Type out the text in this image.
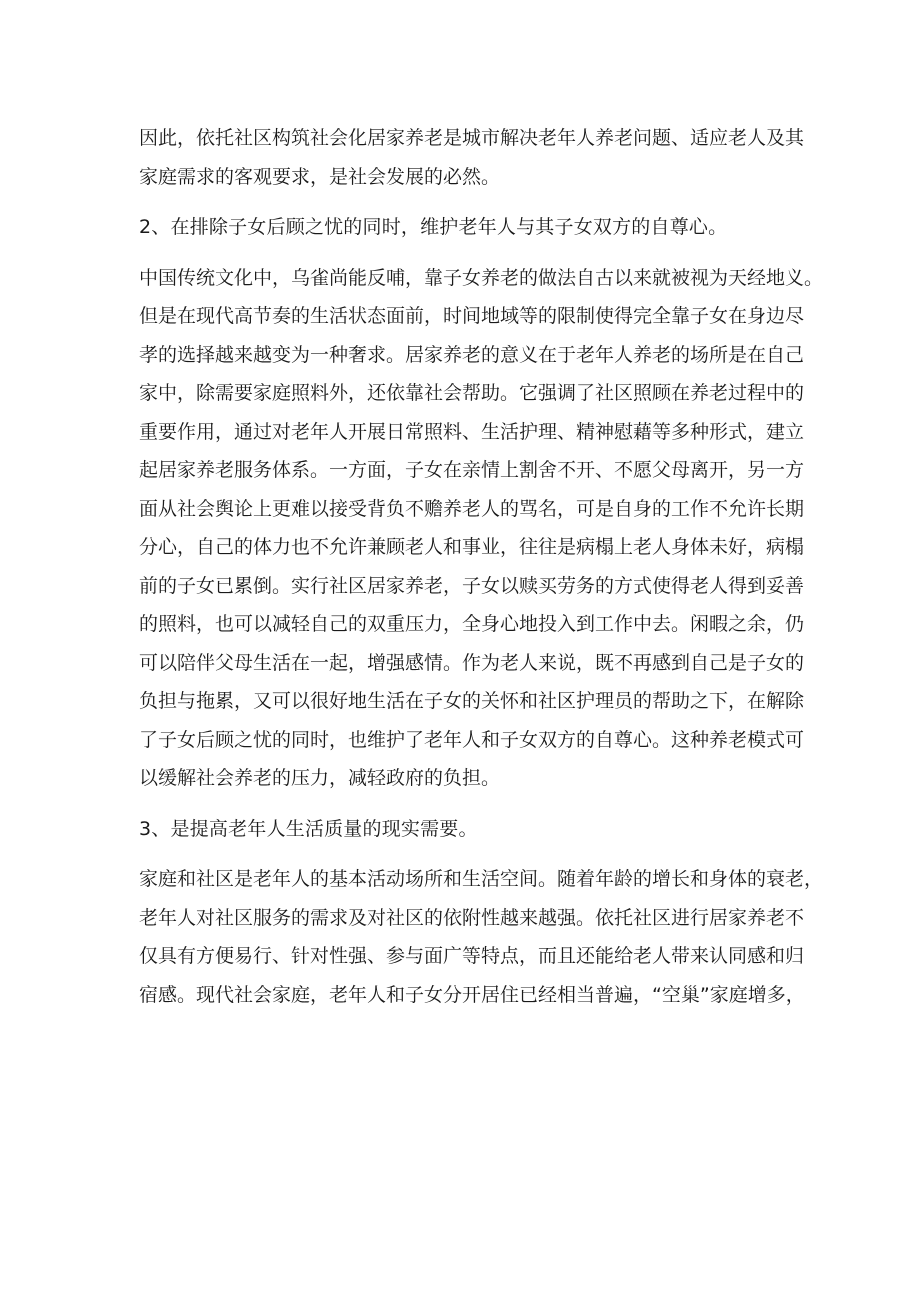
因此，依托社区构筑社会化居家养老是城市解决老年人养老问题、适应老人及其
家庭需求的客观要求，是社会发展的必然。
2、在排除子女后顾之忧的同时，维护老年人与其子女双方的自尊心。
中国传统文化中，乌雀尚能反哺，靠子女养老的做法自古以来就被视为天经地义。
但是在现代高节奏的生活状态面前，时间地域等的限制使得完全靠子女在身边尽
孝的选择越来越变为一种奢求。居家养老的意义在于老年人养老的场所是在自己
家中，除需要家庭照料外，还依靠社会帮助。它强调了社区照顾在养老过程中的
重要作用，通过对老年人开展日常照料、生活护理、精神慰藉等多种形式，建立
起居家养老服务体系。一方面，子女在亲情上割舍不开、不愿父母离开，另一方
面从社会舆论上更难以接受背负不赡养老人的骂名，可是自身的工作不允许长期
分心，自己的体力也不允许兼顾老人和事业，往往是病榻上老人身体未好，病榻
前的子女已累倒。实行社区居家养老，子女以赎买劳务的方式使得老人得到妥善
的照料，也可以减轻自己的双重压力，全身心地投入到工作中去。闲暇之余，仍
可以陪伴父母生活在一起，增强感情。作为老人来说，既不再感到自己是子女的
负担与拖累，又可以很好地生活在子女的关怀和社区护理员的帮助之下，在解除
了子女后顾之忧的同时，也维护了老年人和子女双方的自尊心。这种养老模式可
以缓解社会养老的压力，减轻政府的负担。
3、是提高老年人生活质量的现实需要。
家庭和社区是老年人的基本活动场所和生活空间。随着年龄的增长和身体的衰老，
老年人对社区服务的需求及对社区的依附性越来越强。依托社区进行居家养老不
仅具有方便易行、针对性强、参与面广等特点，而且还能给老人带来认同感和归
宿感。现代社会家庭，老年人和子女分开居住已经相当普遍，“空巢”家庭增多，
